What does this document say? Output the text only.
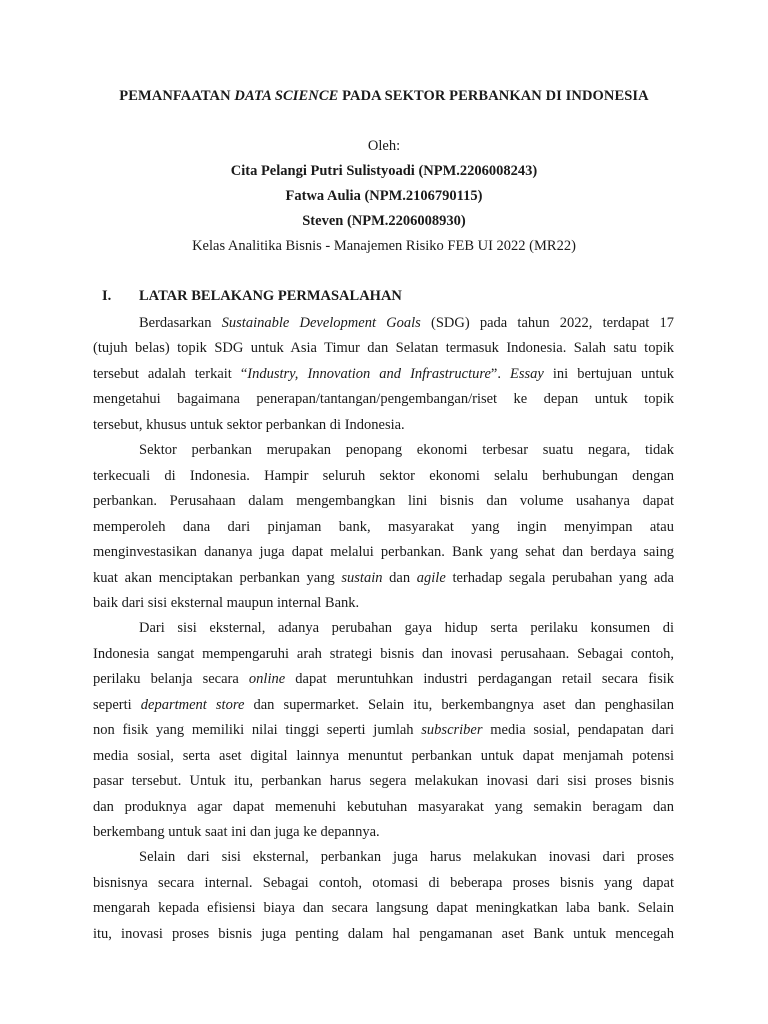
PEMANFAATAN DATA SCIENCE PADA SEKTOR PERBANKAN DI INDONESIA
Oleh:
Cita Pelangi Putri Sulistyoadi (NPM.2206008243)
Fatwa Aulia (NPM.2106790115)
Steven (NPM.2206008930)
Kelas Analitika Bisnis - Manajemen Risiko FEB UI 2022 (MR22)
I. LATAR BELAKANG PERMASALAHAN
Berdasarkan Sustainable Development Goals (SDG) pada tahun 2022, terdapat 17
(tujuh belas) topik SDG untuk Asia Timur dan Selatan termasuk Indonesia. Salah satu topik
tersebut adalah terkait “Industry, Innovation and Infrastructure”. Essay ini bertujuan untuk
mengetahui bagaimana penerapan/tantangan/pengembangan/riset ke depan untuk topik
tersebut, khusus untuk sektor perbankan di Indonesia.
Sektor perbankan merupakan penopang ekonomi terbesar suatu negara, tidak
terkecuali di Indonesia. Hampir seluruh sektor ekonomi selalu berhubungan dengan
perbankan. Perusahaan dalam mengembangkan lini bisnis dan volume usahanya dapat
memperoleh dana dari pinjaman bank, masyarakat yang ingin menyimpan atau
menginvestasikan dananya juga dapat melalui perbankan. Bank yang sehat dan berdaya saing
kuat akan menciptakan perbankan yang sustain dan agile terhadap segala perubahan yang ada
baik dari sisi eksternal maupun internal Bank.
Dari sisi eksternal, adanya perubahan gaya hidup serta perilaku konsumen di
Indonesia sangat mempengaruhi arah strategi bisnis dan inovasi perusahaan. Sebagai contoh,
perilaku belanja secara online dapat meruntuhkan industri perdagangan retail secara fisik
seperti department store dan supermarket. Selain itu, berkembangnya aset dan penghasilan
non fisik yang memiliki nilai tinggi seperti jumlah subscriber media sosial, pendapatan dari
media sosial, serta aset digital lainnya menuntut perbankan untuk dapat menjamah potensi
pasar tersebut. Untuk itu, perbankan harus segera melakukan inovasi dari sisi proses bisnis
dan produknya agar dapat memenuhi kebutuhan masyarakat yang semakin beragam dan
berkembang untuk saat ini dan juga ke depannya.
Selain dari sisi eksternal, perbankan juga harus melakukan inovasi dari proses
bisnisnya secara internal. Sebagai contoh, otomasi di beberapa proses bisnis yang dapat
mengarah kepada efisiensi biaya dan secara langsung dapat meningkatkan laba bank. Selain
itu, inovasi proses bisnis juga penting dalam hal pengamanan aset Bank untuk mencegah
